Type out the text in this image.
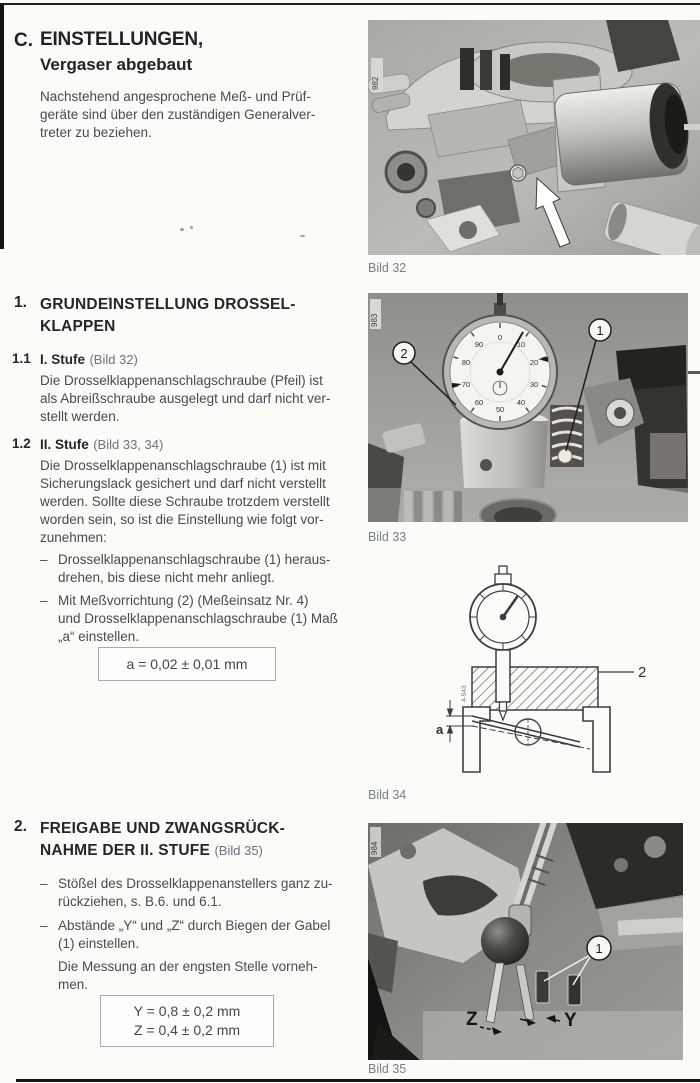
C. EINSTELLUNGEN,
Vergaser abgebaut
Nachstehend angesprochene Meß- und Prüf-
geräte sind über den zuständigen Generalver-
treter zu beziehen.
1. GRUNDEINSTELLUNG DROSSEL-
KLAPPEN
1.1 I. Stufe (Bild 32)
Die Drosselklappenanschlagschraube (Pfeil) ist
als Abreißschraube ausgelegt und darf nicht ver-
stellt werden.
1.2 II. Stufe (Bild 33, 34)
Die Drosselklappenanschlagschraube (1) ist mit
Sicherungslack gesichert und darf nicht verstellt
werden. Sollte diese Schraube trotzdem verstellt
worden sein, so ist die Einstellung wie folgt vor-
zunehmen:
– Drosselklappenanschlagschraube (1) heraus-
drehen, bis diese nicht mehr anliegt.
– Mit Meßvorrichtung (2) (Meßeinsatz Nr. 4)
und Drosselklappenanschlagschraube (1) Maß
„a“ einstellen.
a = 0,02 ± 0,01 mm
2. FREIGABE UND ZWANGSRÜCK-
NAHME DER II. STUFE (Bild 35)
– Stößel des Drosselklappenanstellers ganz zu-
rückziehen, s. B.6. und 6.1.
– Abstände „Y“ und „Z“ durch Biegen der Gabel
(1) einstellen.
Die Messung an der engsten Stelle vorneh-
men.
Y = 0,8 ± 0,2 mm
Z = 0,4 ± 0,2 mm
982
Bild 32
0
10
20
30
40
50
60
70
80
90
2
1
983
Bild 33
a
2
4-543
Bild 34
1
Z	Y
984
Bild 35
